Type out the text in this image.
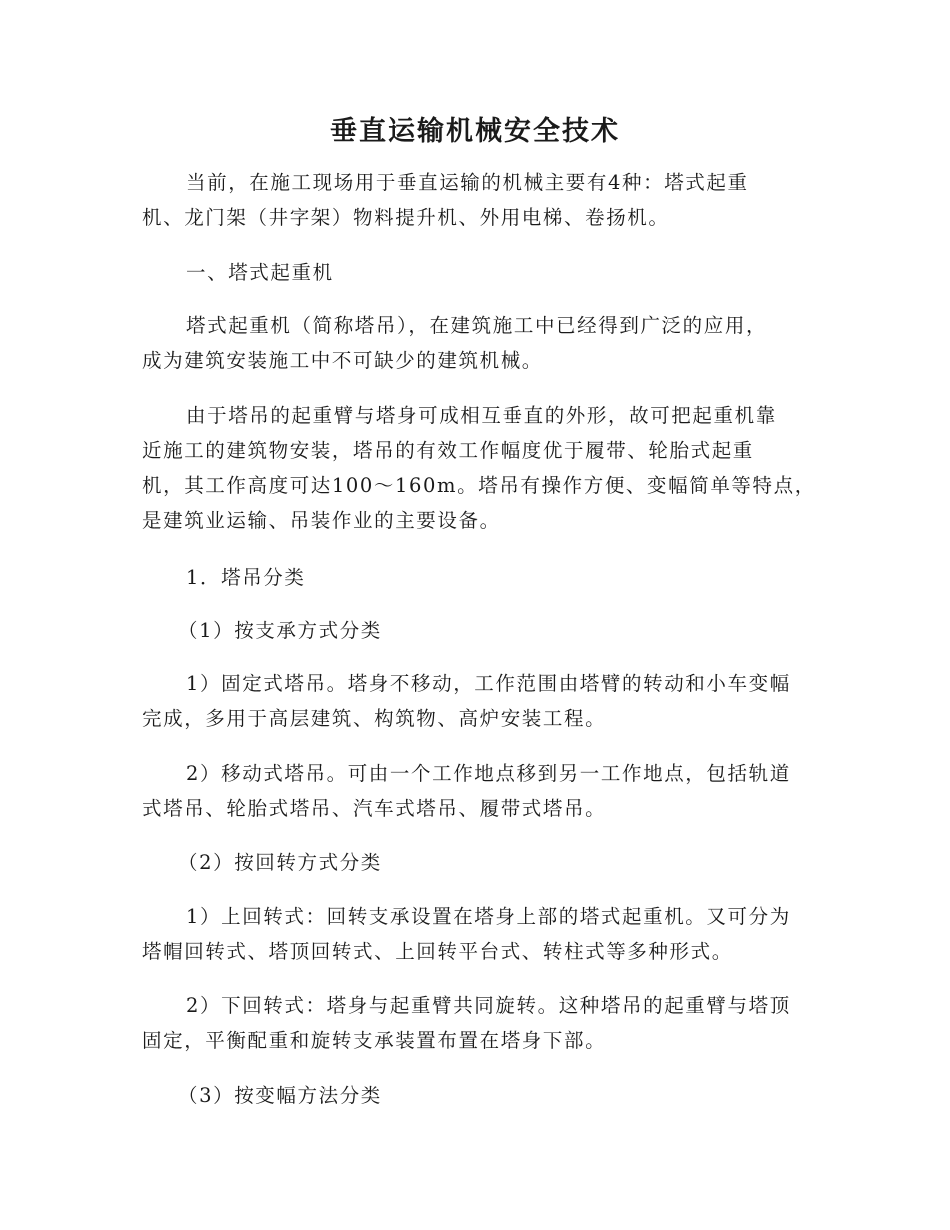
垂直运输机械安全技术

当前，在施工现场用于垂直运输的机械主要有4种：塔式起重
机、龙门架（井字架）物料提升机、外用电梯、卷扬机。

一、塔式起重机

塔式起重机（简称塔吊），在建筑施工中已经得到广泛的应用，
成为建筑安装施工中不可缺少的建筑机械。

由于塔吊的起重臂与塔身可成相互垂直的外形，故可把起重机靠
近施工的建筑物安装，塔吊的有效工作幅度优于履带、轮胎式起重
机，其工作高度可达100～160m。塔吊有操作方便、变幅简单等特点，
是建筑业运输、吊装作业的主要设备。

1．塔吊分类

（1）按支承方式分类

1）固定式塔吊。塔身不移动，工作范围由塔臂的转动和小车变幅
完成，多用于高层建筑、构筑物、高炉安装工程。

2）移动式塔吊。可由一个工作地点移到另一工作地点，包括轨道
式塔吊、轮胎式塔吊、汽车式塔吊、履带式塔吊。

（2）按回转方式分类

1）上回转式：回转支承设置在塔身上部的塔式起重机。又可分为
塔帽回转式、塔顶回转式、上回转平台式、转柱式等多种形式。

2）下回转式：塔身与起重臂共同旋转。这种塔吊的起重臂与塔顶
固定，平衡配重和旋转支承装置布置在塔身下部。

（3）按变幅方法分类
